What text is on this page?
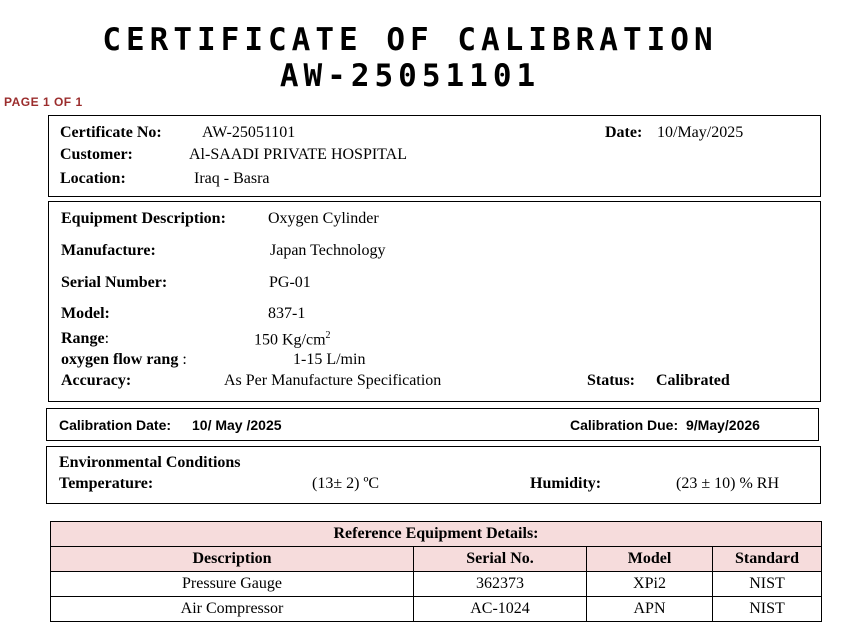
CERTIFICATE OF CALIBRATION
AW-25051101
PAGE 1 OF 1
Certificate No:	AW-25051101	Date: 10/May/2025
Customer:	Al-SAADI PRIVATE HOSPITAL
Location:	Iraq - Basra
Equipment Description:	Oxygen Cylinder
Manufacture:	Japan Technology
Serial Number:	PG-01
Model:	837-1
Range:	150 $Kg/cm^2$
oxygen flow rang :	1-15 L/min
Accuracy:	As Per Manufacture Specification	Status: Calibrated
Calibration Date: 10/ May /2025	Calibration Due: 9/May/2026
Environmental Conditions
Temperature:	(13± 2) ºC	Humidity:	(23 ± 10) % RH
Reference Equipment Details:			
Description	Serial No.	Model	Standard
Pressure Gauge	362373	XPi2	NIST
Air Compressor	AC-1024	APN	NIST
